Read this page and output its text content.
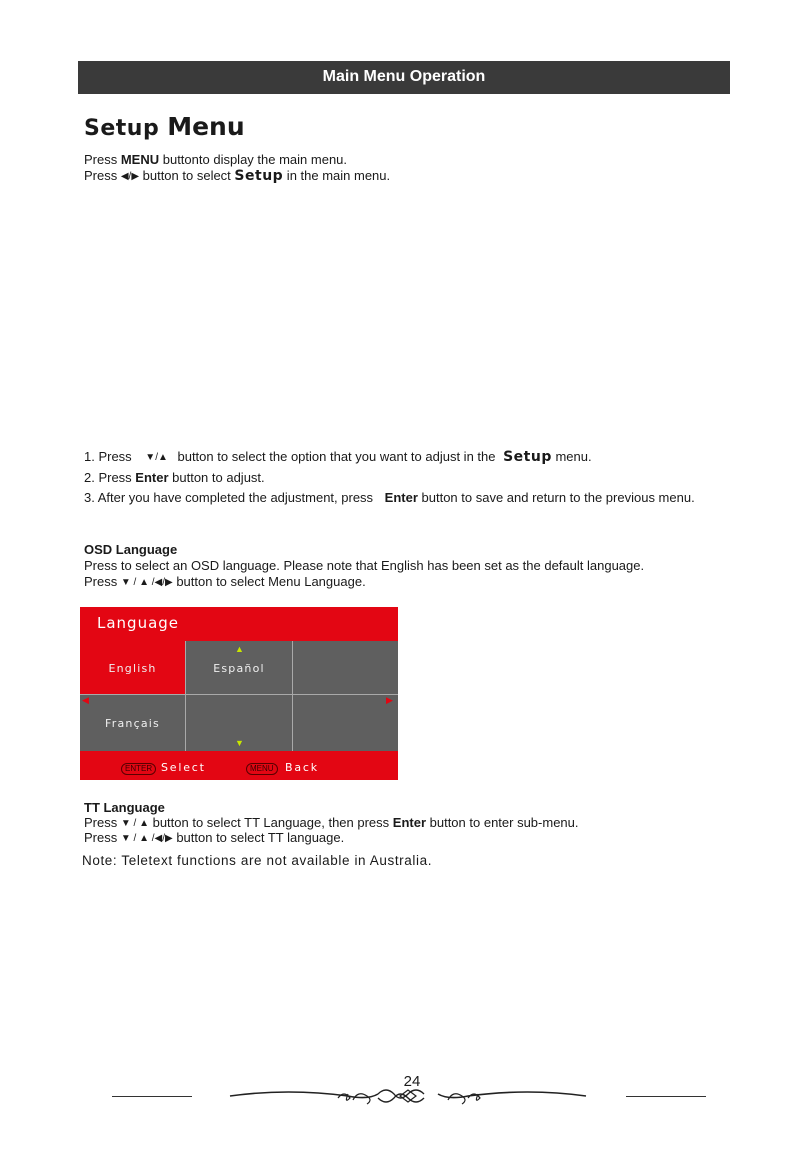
Main Menu Operation
Setup Menu
Press MENU buttonto display the main menu.
Press ◀/▶ button to select Setup in the main menu.
1. Press ▼/▲ button to select the option that you want to adjust in the Setup menu.
2. Press Enter button to adjust.
3. After you have completed the adjustment, press Enter button to save and return to the previous menu.
OSD Language
Press to select an OSD language. Please note that English has been set as the default language.
Press ▼ / ▲ /◀/▶ button to select Menu Language.
Language
English	Español
Français
▲
▼
◀	▶
ENTER Select	MENU	Back
TT Language
Press ▼ / ▲ button to select TT Language, then press Enter button to enter sub-menu.
Press ▼ / ▲ /◀/▶ button to select TT language.
Note: Teletext functions are not available in Australia.
24
